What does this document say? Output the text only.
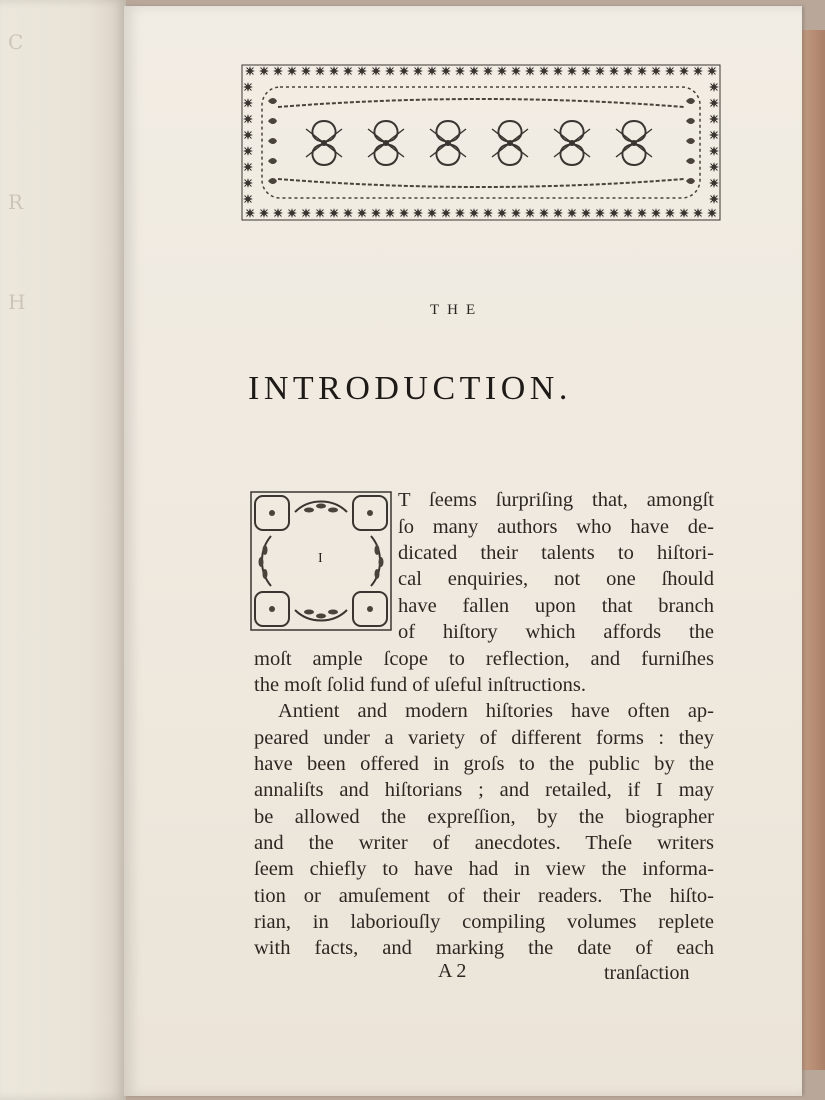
C
R
H	THE
INTRODUCTION.
I
T ſeems ſurpriſing that, amongſt
ſo many authors who have de-
dicated their talents to hiſtori-
cal enquiries, not one ſhould
have fallen upon that branch
of hiſtory which affords the
moſt ample ſcope to reflection, and furniſhes
the moſt ſolid fund of uſeful inſtructions.
Antient and modern hiſtories have often ap-
peared under a variety of different forms : they
have been offered in groſs to the public by the
annaliſts and hiſtorians ; and retailed, if I may
be allowed the expreſſion, by the biographer
and the writer of anecdotes. Theſe writers
ſeem chiefly to have had in view the informa-
tion or amuſement of their readers. The hiſto-
rian, in laboriouſly compiling volumes replete
with facts, and marking the date of each
A 2	tranſaction
